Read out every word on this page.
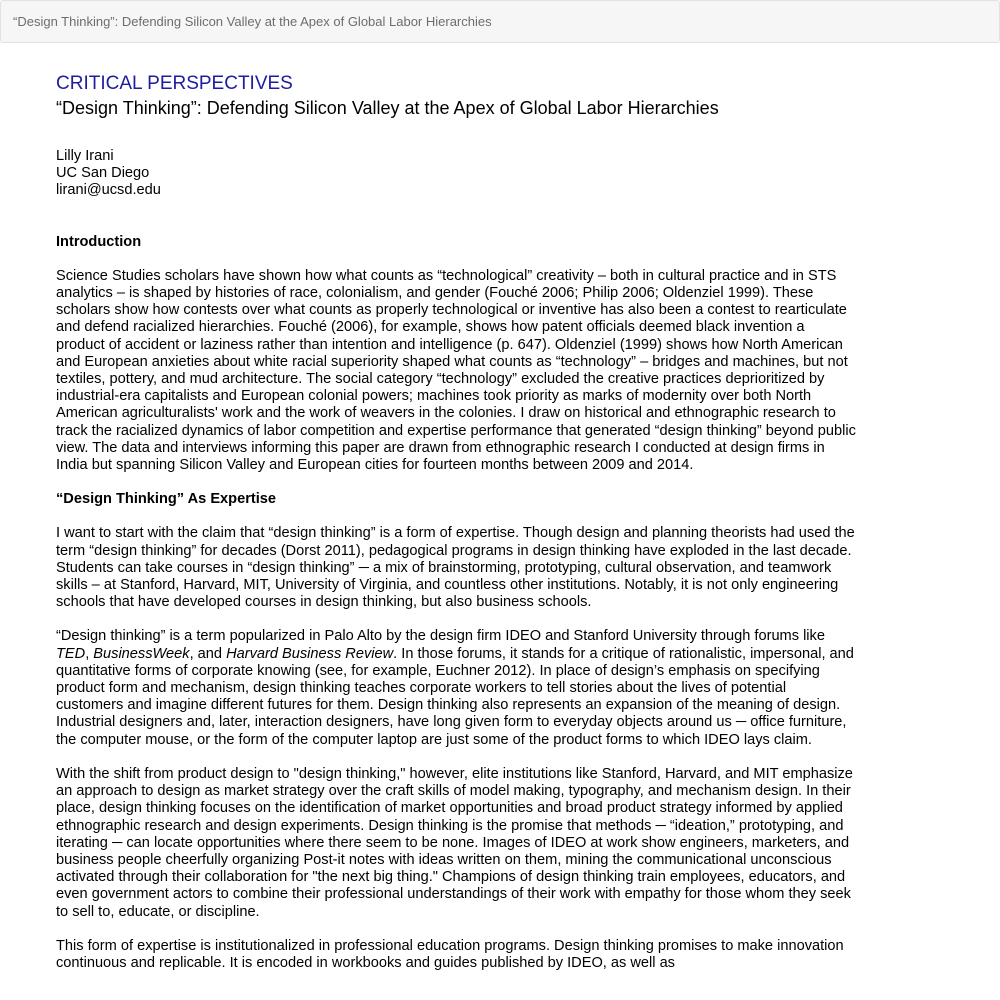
“Design Thinking”: Defending Silicon Valley at the Apex of Global Labor Hierarchies
CRITICAL PERSPECTIVES
“Design Thinking”: Defending Silicon Valley at the Apex of Global Labor Hierarchies
Lilly Irani
UC San Diego
lirani@ucsd.edu
Introduction

Science Studies scholars have shown how what counts as “technological” creativity – both in cultural practice and in STS analytics – is shaped by histories of race, colonialism, and gender (Fouché 2006; Philip 2006; Oldenziel 1999). These scholars show how contests over what counts as properly technological or inventive has also been a contest to rearticulate and defend racialized hierarchies. Fouché (2006), for example, shows how patent officials deemed black invention a product of accident or laziness rather than intention and intelligence (p. 647). Oldenziel (1999) shows how North American and European anxieties about white racial superiority shaped what counts as “technology” – bridges and machines, but not textiles, pottery, and mud architecture. The social category “technology” excluded the creative practices deprioritized by industrial-era capitalists and European colonial powers; machines took priority as marks of modernity over both North American agriculturalists' work and the work of weavers in the colonies. I draw on historical and ethnographic research to track the racialized dynamics of labor competition and expertise performance that generated “design thinking” beyond public view. The data and interviews informing this paper are drawn from ethnographic research I conducted at design firms in India but spanning Silicon Valley and European cities for fourteen months between 2009 and 2014.

“Design Thinking” As Expertise

I want to start with the claim that “design thinking” is a form of expertise. Though design and planning theorists had used the term “design thinking” for decades (Dorst 2011), pedagogical programs in design thinking have exploded in the last decade. Students can take courses in “design thinking” ─ a mix of brainstorming, prototyping, cultural observation, and teamwork skills – at Stanford, Harvard, MIT, University of Virginia, and countless other institutions. Notably, it is not only engineering schools that have developed courses in design thinking, but also business schools.

“Design thinking” is a term popularized in Palo Alto by the design firm IDEO and Stanford University through forums like TED, BusinessWeek, and Harvard Business Review. In those forums, it stands for a critique of rationalistic, impersonal, and quantitative forms of corporate knowing (see, for example, Euchner 2012). In place of design’s emphasis on specifying product form and mechanism, design thinking teaches corporate workers to tell stories about the lives of potential customers and imagine different futures for them. Design thinking also represents an expansion of the meaning of design. Industrial designers and, later, interaction designers, have long given form to everyday objects around us ─ office furniture, the computer mouse, or the form of the computer laptop are just some of the product forms to which IDEO lays claim.

With the shift from product design to "design thinking," however, elite institutions like Stanford, Harvard, and MIT emphasize an approach to design as market strategy over the craft skills of model making, typography, and mechanism design. In their place, design thinking focuses on the identification of market opportunities and broad product strategy informed by applied ethnographic research and design experiments. Design thinking is the promise that methods ─ “ideation,” prototyping, and iterating ─ can locate opportunities where there seem to be none. Images of IDEO at work show engineers, marketers, and business people cheerfully organizing Post-it notes with ideas written on them, mining the communicational unconscious activated through their collaboration for "the next big thing." Champions of design thinking train employees, educators, and even government actors to combine their professional understandings of their work with empathy for those whom they seek to sell to, educate, or discipline.

This form of expertise is institutionalized in professional education programs. Design thinking promises to make innovation continuous and replicable. It is encoded in workbooks and guides published by IDEO, as well as
